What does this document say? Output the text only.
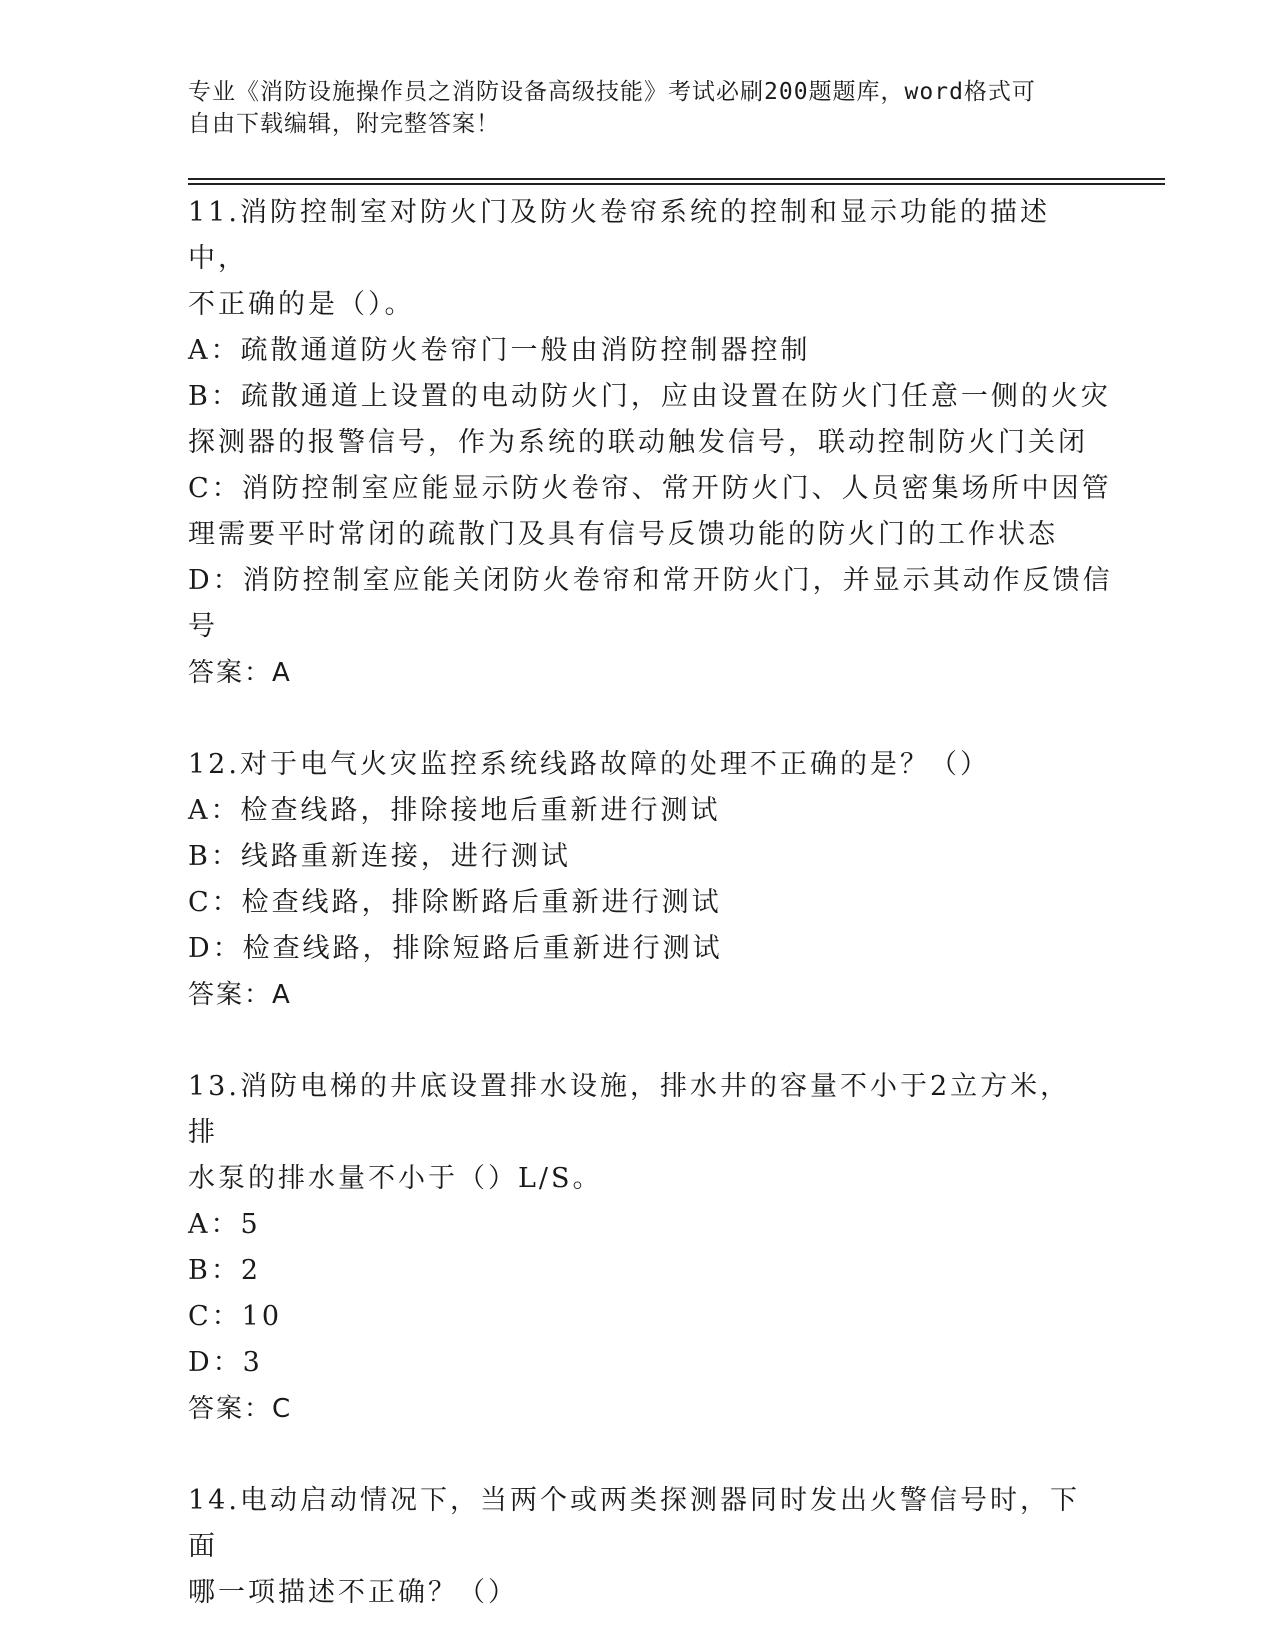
专业《消防设施操作员之消防设备高级技能》考试必刷200题题库，word格式可
自由下载编辑，附完整答案！
11.消防控制室对防火门及防火卷帘系统的控制和显示功能的描述中，
不正确的是（）。
A：疏散通道防火卷帘门一般由消防控制器控制
B：疏散通道上设置的电动防火门，应由设置在防火门任意一侧的火灾
探测器的报警信号，作为系统的联动触发信号，联动控制防火门关闭
C：消防控制室应能显示防火卷帘、常开防火门、人员密集场所中因管
理需要平时常闭的疏散门及具有信号反馈功能的防火门的工作状态
D：消防控制室应能关闭防火卷帘和常开防火门，并显示其动作反馈信
号
答案：A
12.对于电气火灾监控系统线路故障的处理不正确的是？（）
A：检查线路，排除接地后重新进行测试
B：线路重新连接，进行测试
C：检查线路，排除断路后重新进行测试
D：检查线路，排除短路后重新进行测试
答案：A
13.消防电梯的井底设置排水设施，排水井的容量不小于2立方米，排
水泵的排水量不小于（）L/S。
A：5
B：2
C：10
D：3
答案：C
14.电动启动情况下，当两个或两类探测器同时发出火警信号时，下面
哪一项描述不正确？（）
